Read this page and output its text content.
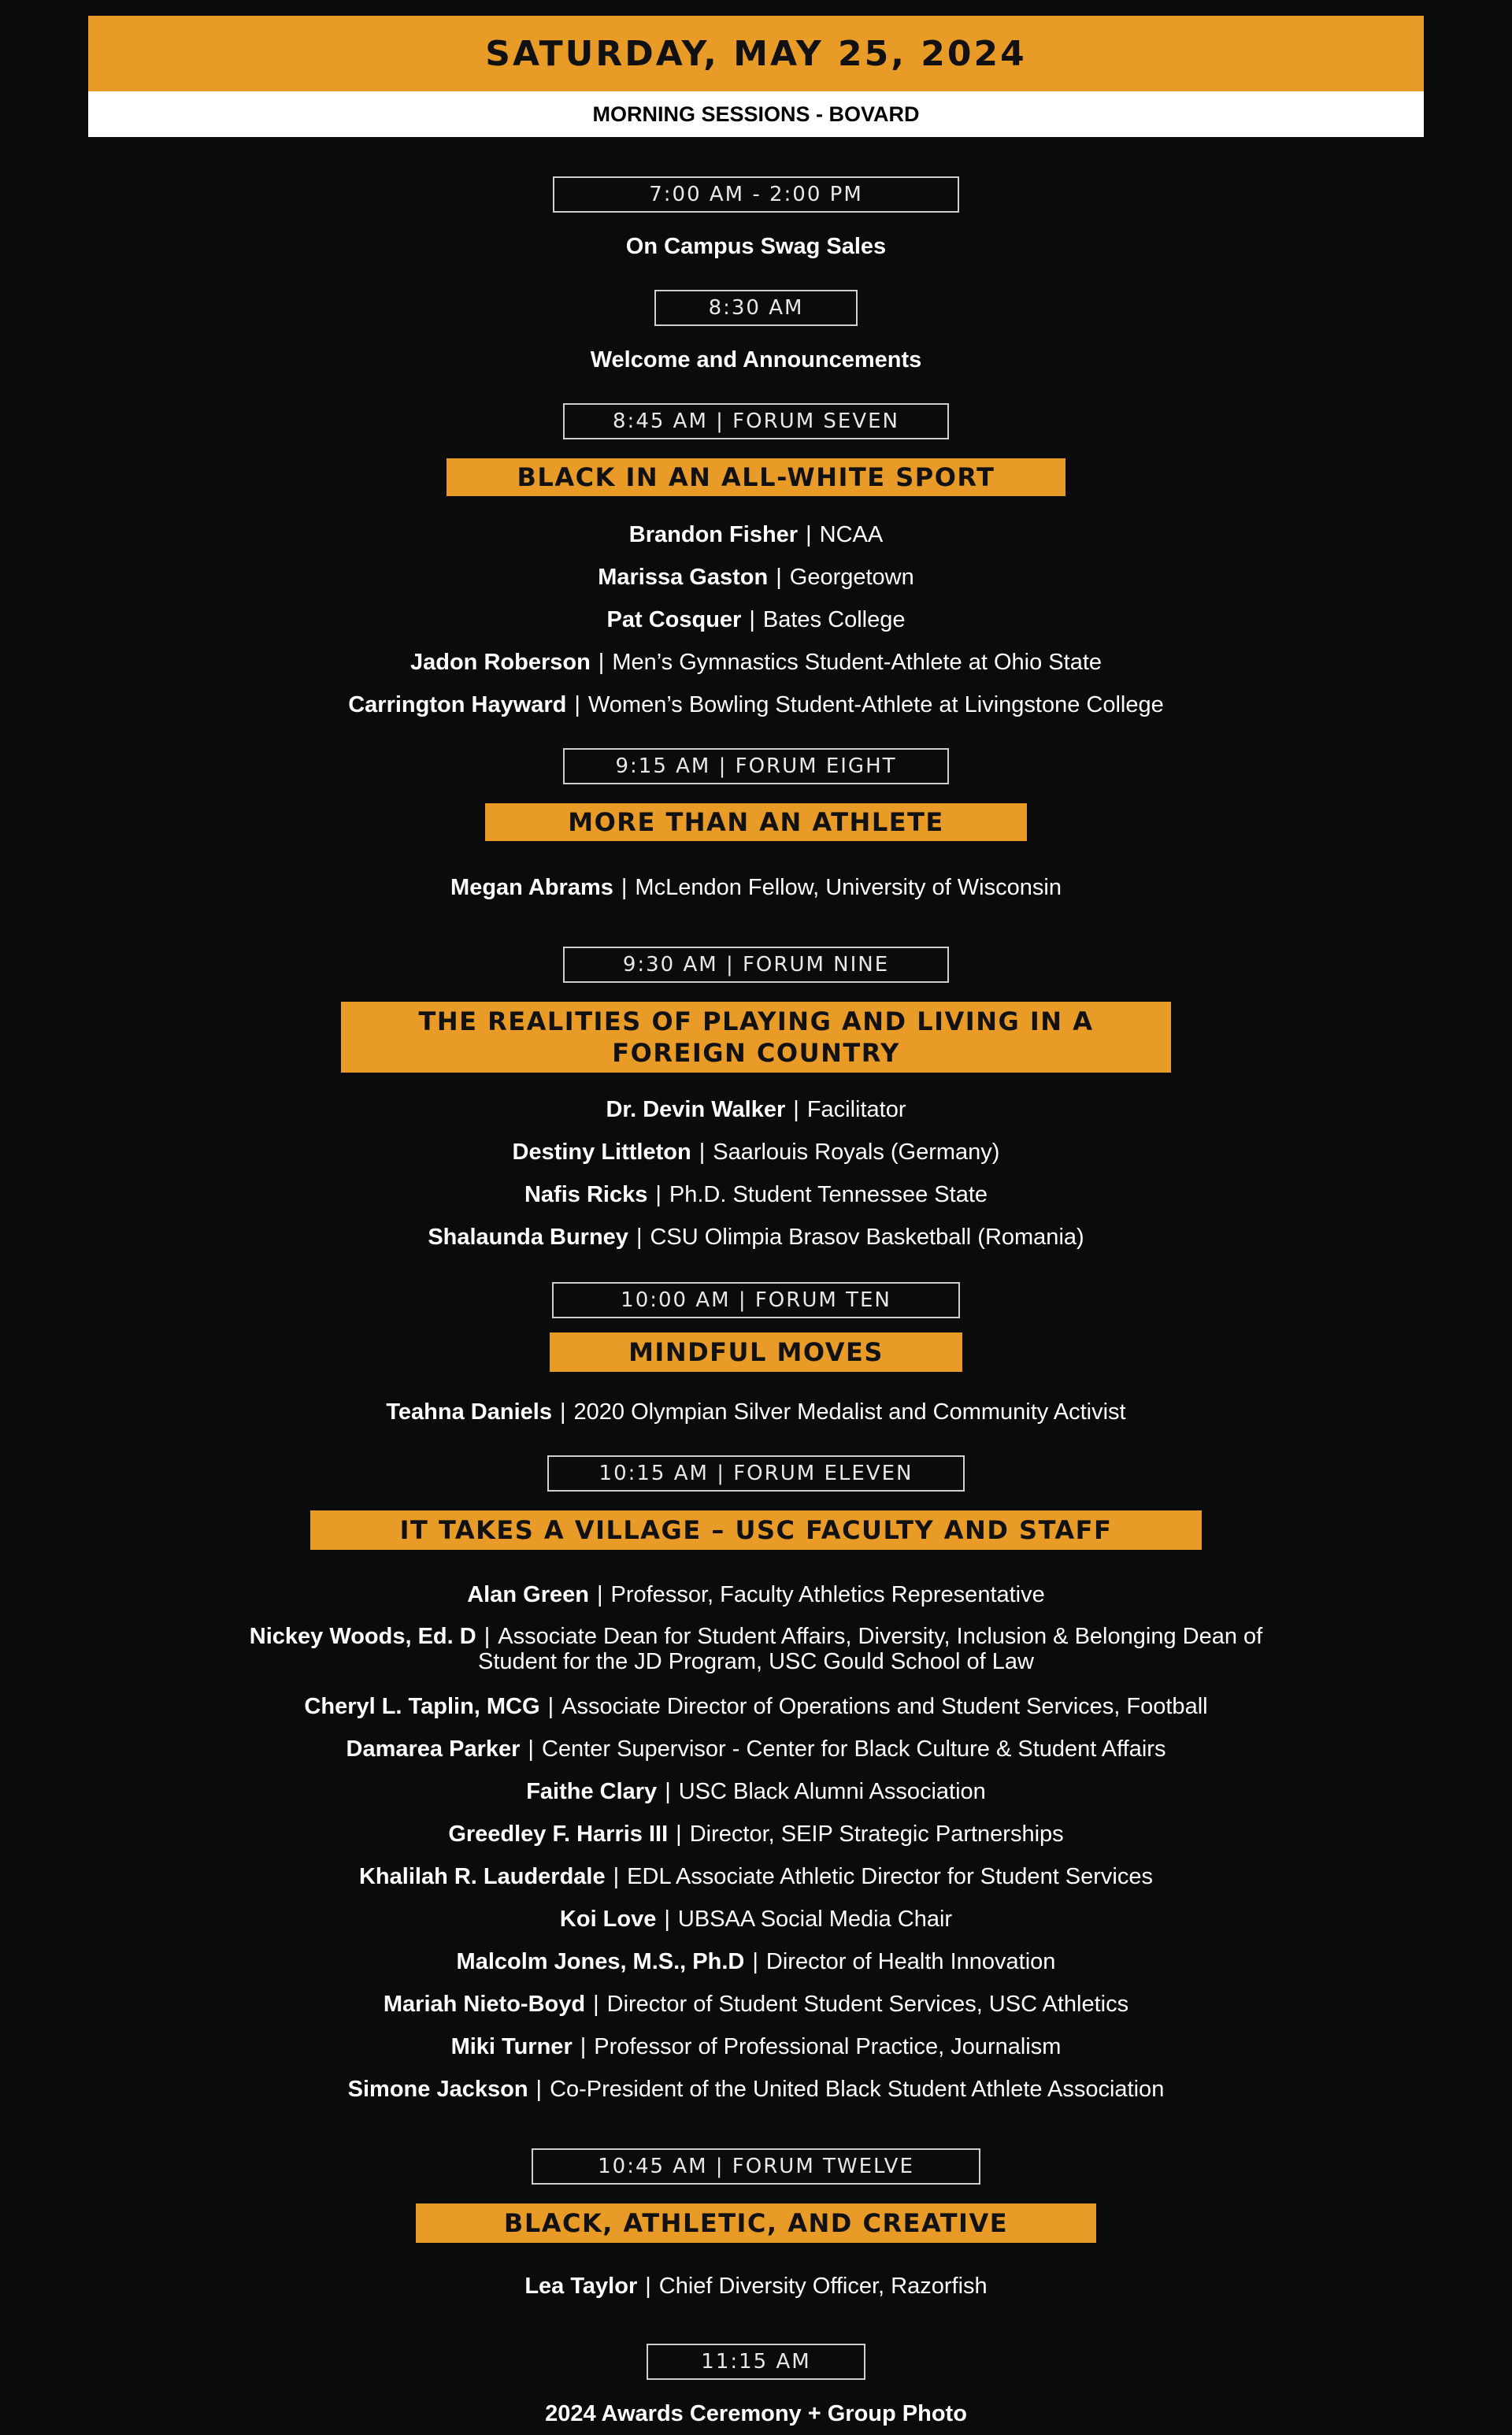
SATURDAY, MAY 25, 2024
MORNING SESSIONS - BOVARD
7:00 AM - 2:00 PM
On Campus Swag Sales
8:30 AM
Welcome and Announcements
8:45 AM | FORUM SEVEN
BLACK IN AN ALL-WHITE SPORT
Brandon Fisher | NCAA
Marissa Gaston | Georgetown
Pat Cosquer | Bates College
Jadon Roberson | Men’s Gymnastics Student-Athlete at Ohio State
Carrington Hayward | Women’s Bowling Student-Athlete at Livingstone College
9:15 AM | FORUM EIGHT
MORE THAN AN ATHLETE
Megan Abrams | McLendon Fellow, University of Wisconsin
9:30 AM | FORUM NINE
THE REALITIES OF PLAYING AND LIVING IN A
FOREIGN COUNTRY
Dr. Devin Walker | Facilitator
Destiny Littleton | Saarlouis Royals (Germany)
Nafis Ricks | Ph.D. Student Tennessee State
Shalaunda Burney | CSU Olimpia Brasov Basketball (Romania)
10:00 AM | FORUM TEN
MINDFUL MOVES
Teahna Daniels | 2020 Olympian Silver Medalist and Community Activist
10:15 AM | FORUM ELEVEN
IT TAKES A VILLAGE – USC FACULTY AND STAFF
Alan Green | Professor, Faculty Athletics Representative
Nickey Woods, Ed. D | Associate Dean for Student Affairs, Diversity, Inclusion & Belonging Dean of Student for the JD Program, USC Gould School of Law
Cheryl L. Taplin, MCG | Associate Director of Operations and Student Services, Football
Damarea Parker | Center Supervisor - Center for Black Culture & Student Affairs
Faithe Clary | USC Black Alumni Association
Greedley F. Harris III | Director, SEIP Strategic Partnerships
Khalilah R. Lauderdale | EDL Associate Athletic Director for Student Services
Koi Love | UBSAA Social Media Chair
Malcolm Jones, M.S., Ph.D | Director of Health Innovation
Mariah Nieto-Boyd | Director of Student Student Services, USC Athletics
Miki Turner | Professor of Professional Practice, Journalism
Simone Jackson | Co-President of the United Black Student Athlete Association
10:45 AM | FORUM TWELVE
BLACK, ATHLETIC, AND CREATIVE
Lea Taylor | Chief Diversity Officer, Razorfish
11:15 AM
2024 Awards Ceremony + Group Photo
